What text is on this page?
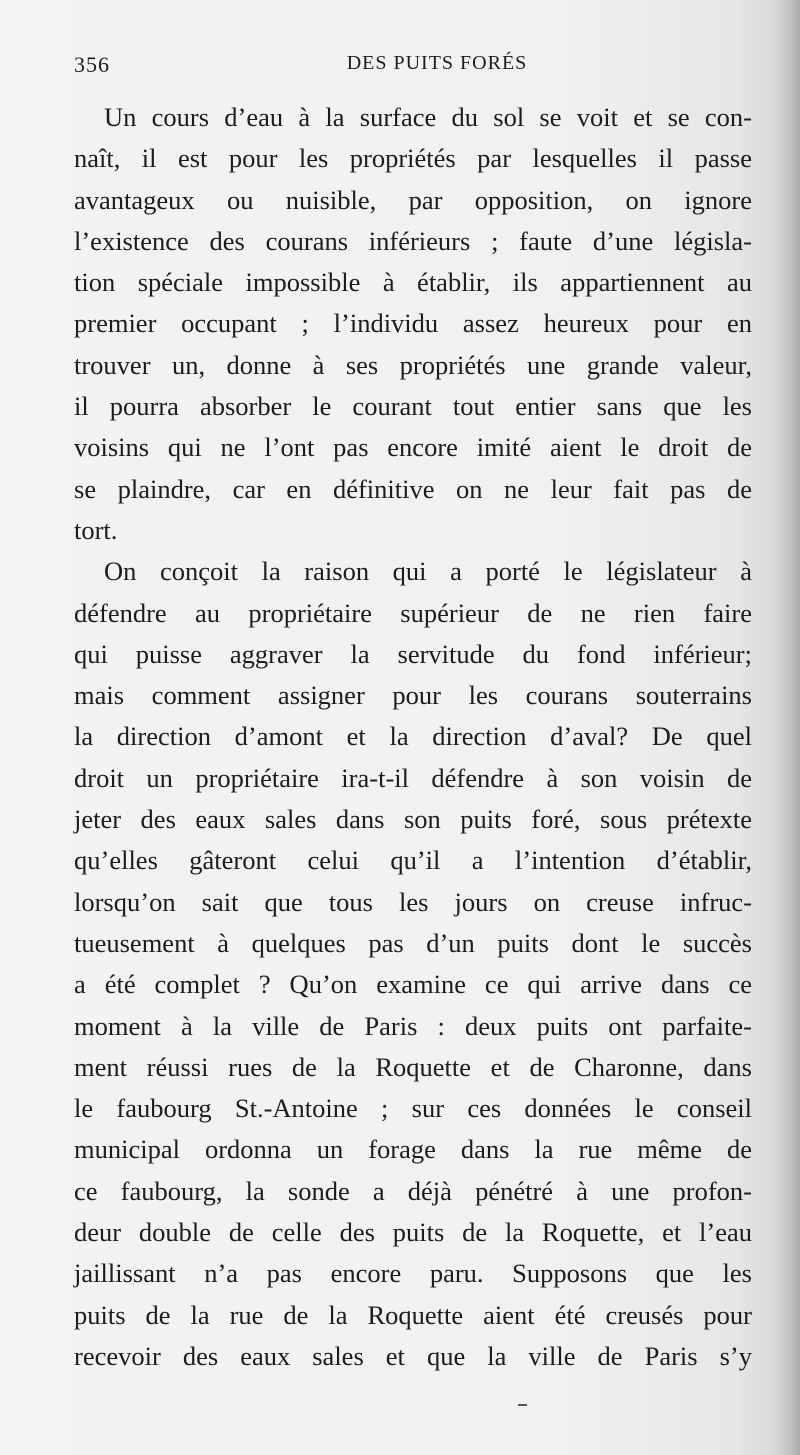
356	DES PUITS FORÉS
Un cours d’eau à la surface du sol se voit et se con-
naît, il est pour les propriétés par lesquelles il passe
avantageux ou nuisible, par opposition, on ignore
l’existence des courans inférieurs ; faute d’une législa-
tion spéciale impossible à établir, ils appartiennent au
premier occupant ; l’individu assez heureux pour en
trouver un, donne à ses propriétés une grande valeur,
il pourra absorber le courant tout entier sans que les
voisins qui ne l’ont pas encore imité aient le droit de
se plaindre, car en définitive on ne leur fait pas de
tort.
On conçoit la raison qui a porté le législateur à
défendre au propriétaire supérieur de ne rien faire
qui puisse aggraver la servitude du fond inférieur;
mais comment assigner pour les courans souterrains
la direction d’amont et la direction d’aval? De quel
droit un propriétaire ira-t-il défendre à son voisin de
jeter des eaux sales dans son puits foré, sous prétexte
qu’elles gâteront celui qu’il a l’intention d’établir,
lorsqu’on sait que tous les jours on creuse infruc-
tueusement à quelques pas d’un puits dont le succès
a été complet ? Qu’on examine ce qui arrive dans ce
moment à la ville de Paris : deux puits ont parfaite-
ment réussi rues de la Roquette et de Charonne, dans
le faubourg St.-Antoine ; sur ces données le conseil
municipal ordonna un forage dans la rue même de
ce faubourg, la sonde a déjà pénétré à une profon-
deur double de celle des puits de la Roquette, et l’eau
jaillissant n’a pas encore paru. Supposons que les
puits de la rue de la Roquette aient été creusés pour
recevoir des eaux sales et que la ville de Paris s’y
